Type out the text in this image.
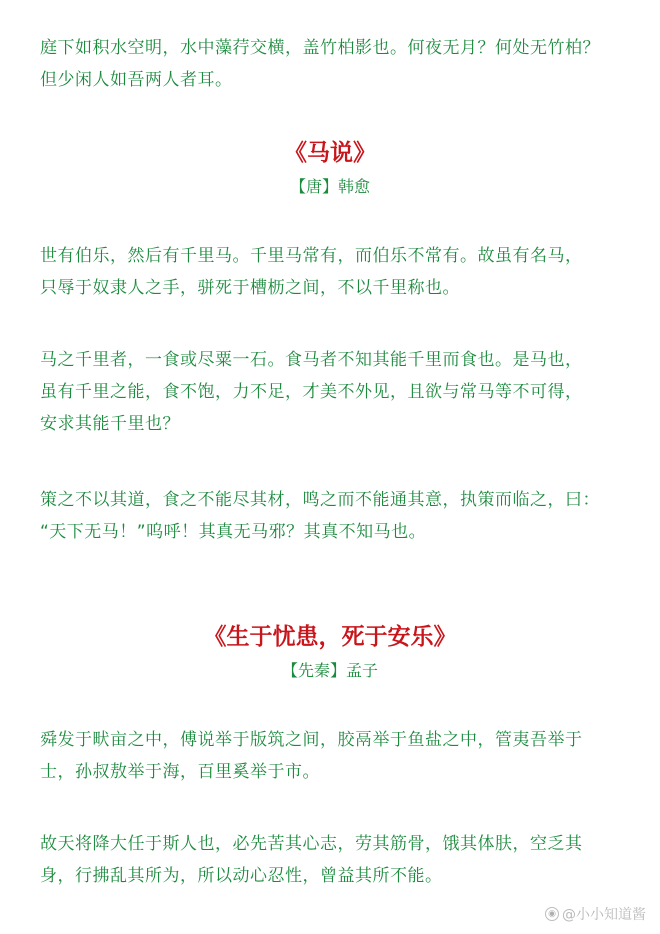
庭下如积水空明，水中藻荇交横，盖竹柏影也。何夜无月？何处无竹柏？
但少闲人如吾两人者耳。
《马说》

【唐】韩愈

世有伯乐，然后有千里马。千里马常有，而伯乐不常有。故虽有名马，
只辱于奴隶人之手，骈死于槽枥之间，不以千里称也。
马之千里者，一食或尽粟一石。食马者不知其能千里而食也。是马也，
虽有千里之能，食不饱，力不足，才美不外见，且欲与常马等不可得，
安求其能千里也？
策之不以其道，食之不能尽其材，鸣之而不能通其意，执策而临之，曰：
“天下无马！”呜呼！其真无马邪？其真不知马也。
《生于忧患，死于安乐》

【先秦】孟子

舜发于畎亩之中，傅说举于版筑之间，胶鬲举于鱼盐之中，管夷吾举于
士，孙叔敖举于海，百里奚举于市。
故天将降大任于斯人也，必先苦其心志，劳其筋骨，饿其体肤，空乏其
身，行拂乱其所为，所以动心忍性，曾益其所不能。
◉ @小小知道酱
